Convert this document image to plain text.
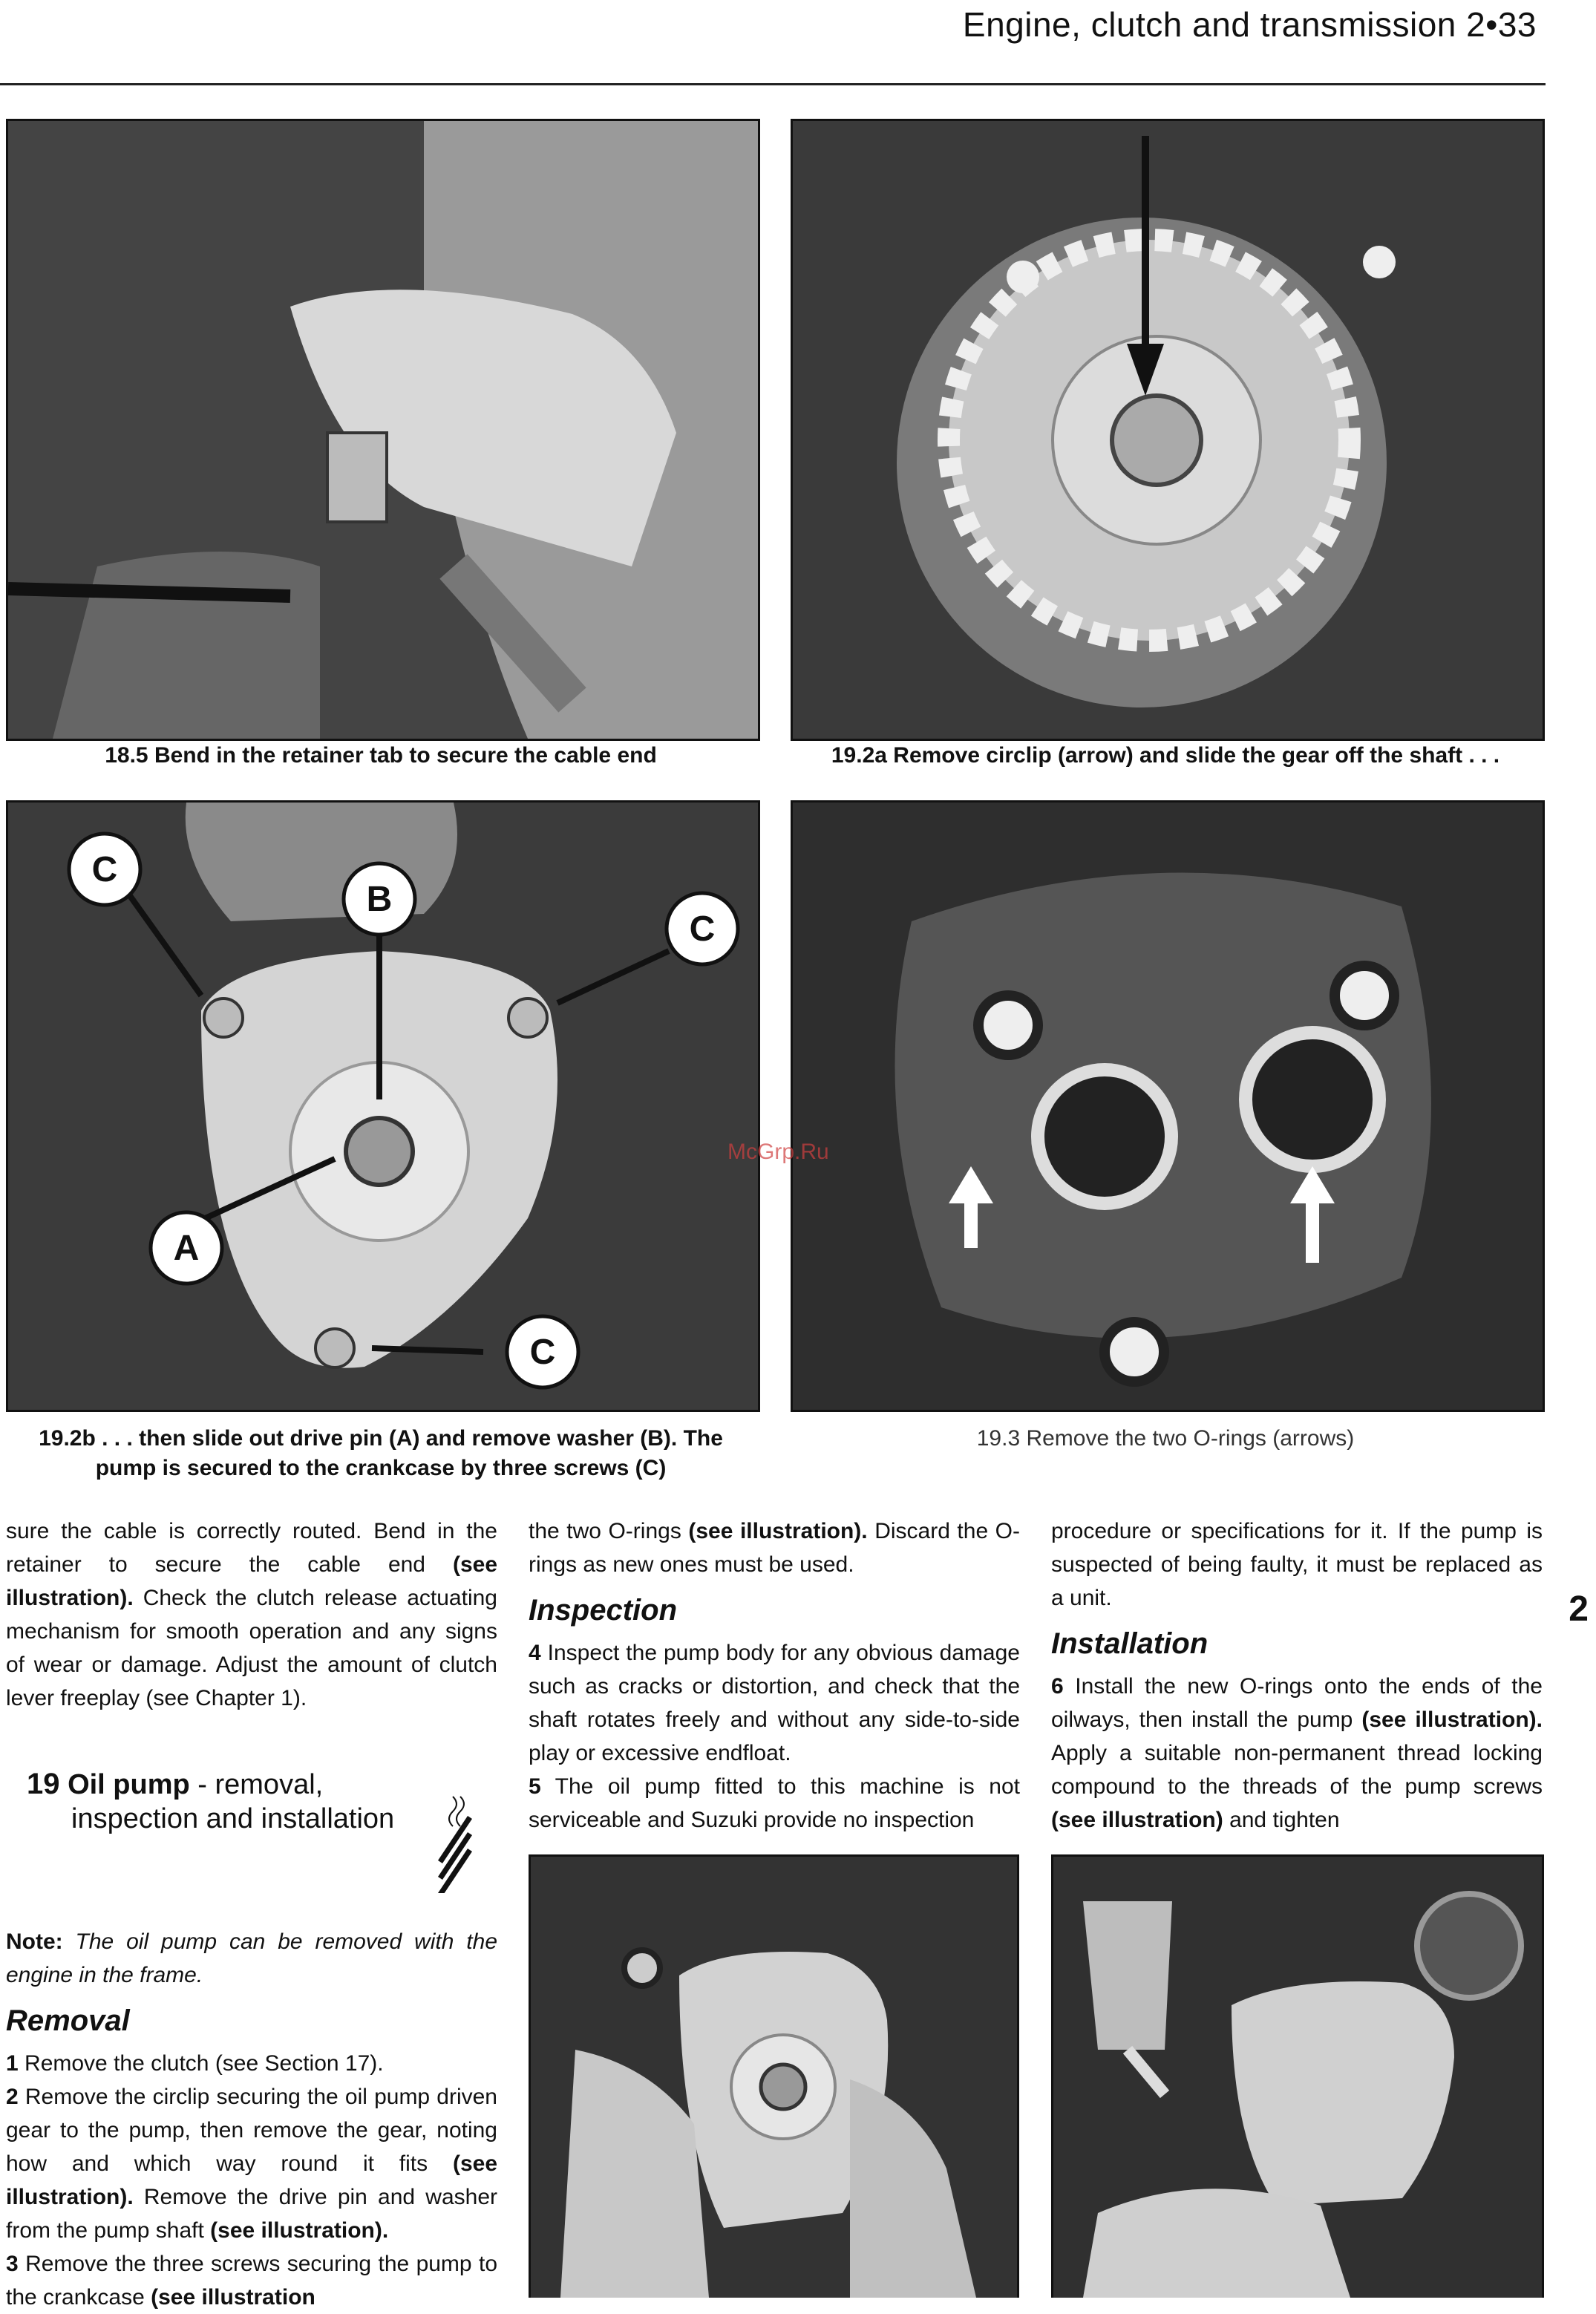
Engine, clutch and transmission 2•33
18.5 Bend in the retainer tab to secure the cable end	19.2a Remove circlip (arrow) and slide the gear off the shaft . . .
C
B
C
A
C
19.2b . . . then slide out drive pin (A) and remove washer (B). The
pump is secured to the crankcase by three screws (C)
19.3 Remove the two O-rings (arrows)
McGrp.Ru

sure the cable is correctly routed. Bend in the retainer to secure the cable end (see illustration). Check the clutch release actuating mechanism for smooth operation and any signs of wear or damage. Adjust the amount of clutch lever freeplay (see Chapter 1).

19 Oil pump - removal,
inspection and installation

Note: The oil pump can be removed with the engine in the frame.

Removal

1 Remove the clutch (see Section 17).

2 Remove the circlip securing the oil pump driven gear to the pump, then remove the gear, noting how and which way round it fits (see illustration). Remove the drive pin and washer from the pump shaft (see illustration).

3 Remove the three screws securing the pump to the crankcase (see illustration

the two O-rings (see illustration). Discard the O-rings as new ones must be used.

Inspection

4 Inspect the pump body for any obvious damage such as cracks or distortion, and check that the shaft rotates freely and without any side-to-side play or excessive endfloat.

5 The oil pump fitted to this machine is not serviceable and Suzuki provide no inspection

procedure or specifications for it. If the pump is suspected of being faulty, it must be replaced as a unit.

Installation

6 Install the new O-rings onto the ends of the oilways, then install the pump (see illustration). Apply a suitable non-permanent thread locking compound to the threads of the pump screws (see illustration) and tighten

2
